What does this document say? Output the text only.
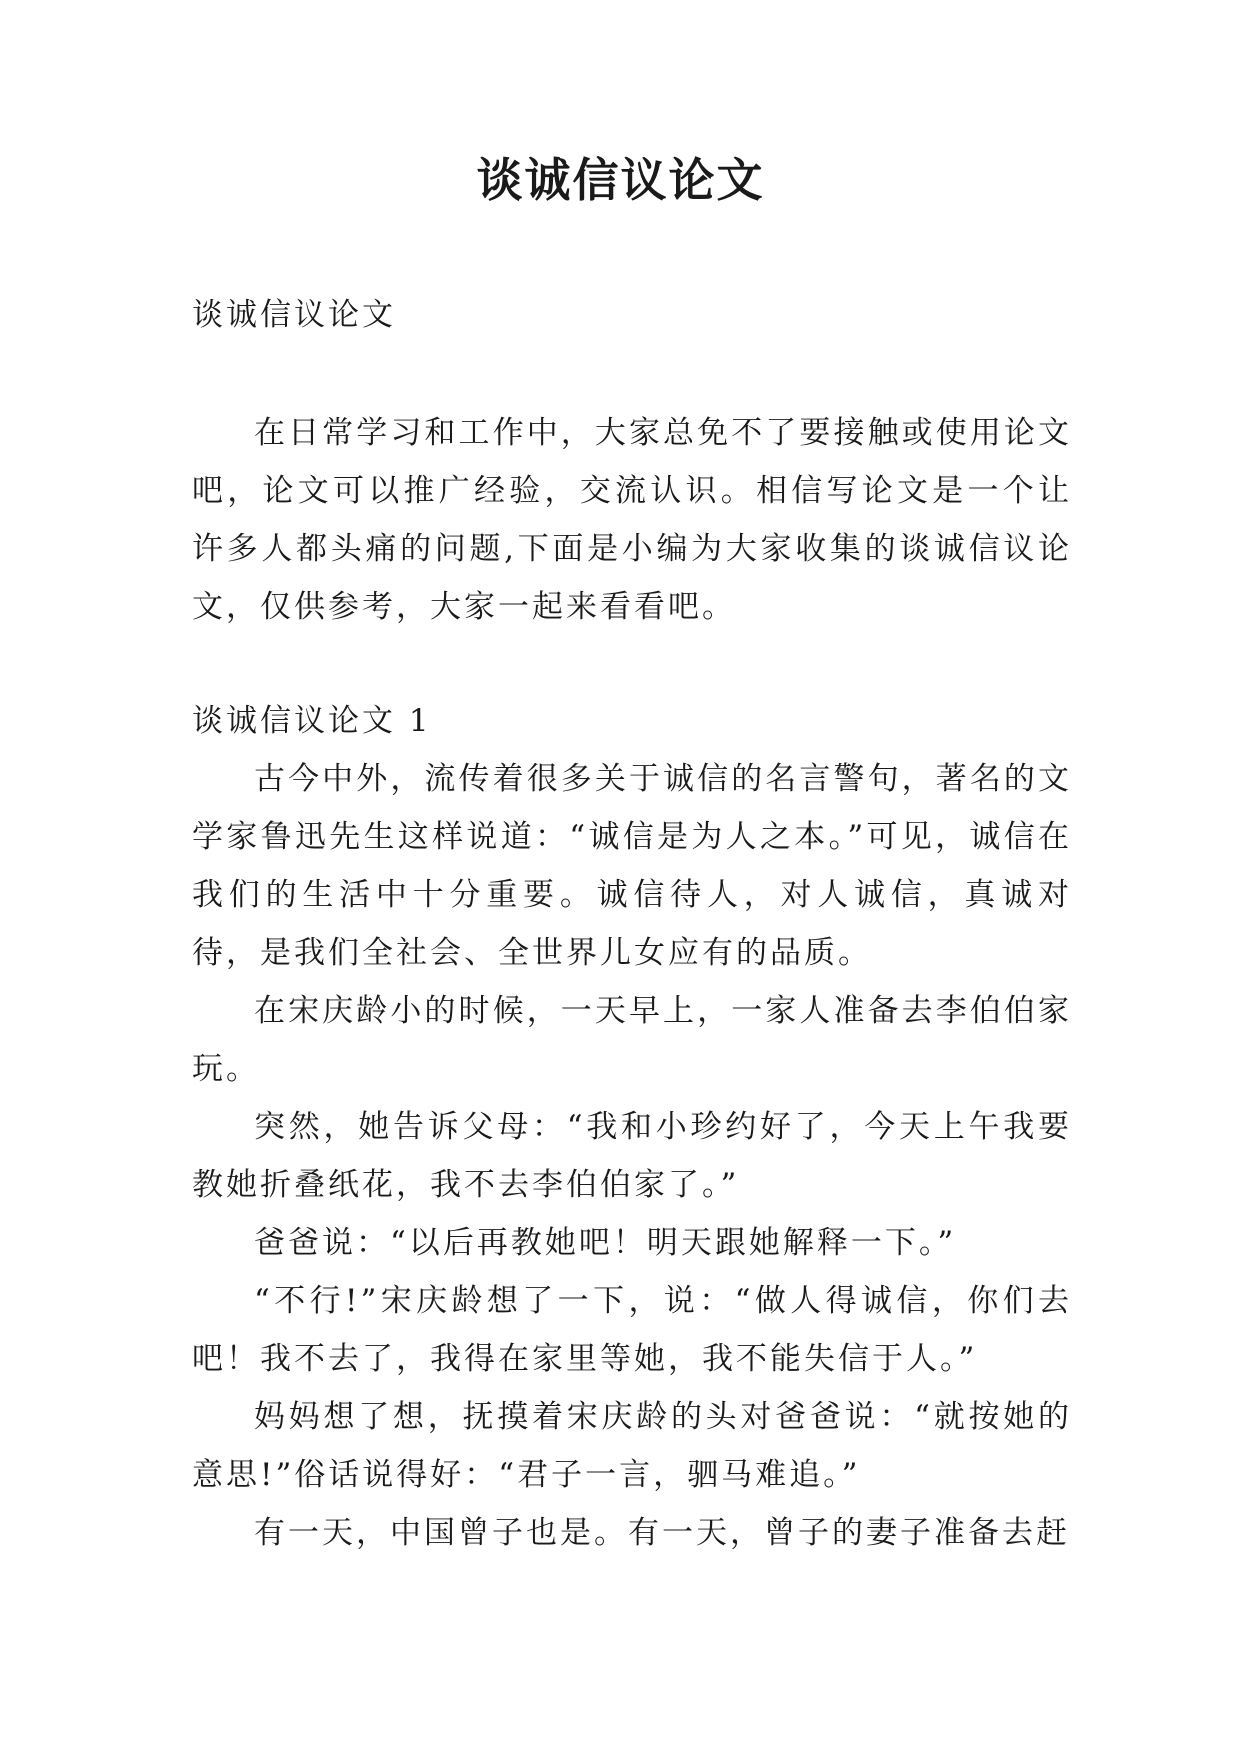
谈诚信议论文

谈诚信议论文

在日常学习和工作中，大家总免不了要接触或使用论文吧，论文可以推广经验，交流认识。相信写论文是一个让许多人都头痛的问题,下面是小编为大家收集的谈诚信议论文，仅供参考，大家一起来看看吧。

谈诚信议论文 1

古今中外，流传着很多关于诚信的名言警句，著名的文学家鲁迅先生这样说道：“诚信是为人之本。”可见，诚信在我们的生活中十分重要。诚信待人，对人诚信，真诚对待，是我们全社会、全世界儿女应有的品质。

在宋庆龄小的时候，一天早上，一家人准备去李伯伯家玩。

突然，她告诉父母：“我和小珍约好了，今天上午我要教她折叠纸花，我不去李伯伯家了。”

爸爸说：“以后再教她吧！明天跟她解释一下。”

“不行!”宋庆龄想了一下，说：“做人得诚信，你们去吧！我不去了，我得在家里等她，我不能失信于人。”

妈妈想了想，抚摸着宋庆龄的头对爸爸说：“就按她的意思!”俗话说得好：“君子一言，驷马难追。”

有一天，中国曾子也是。有一天，曾子的妻子准备去赶
